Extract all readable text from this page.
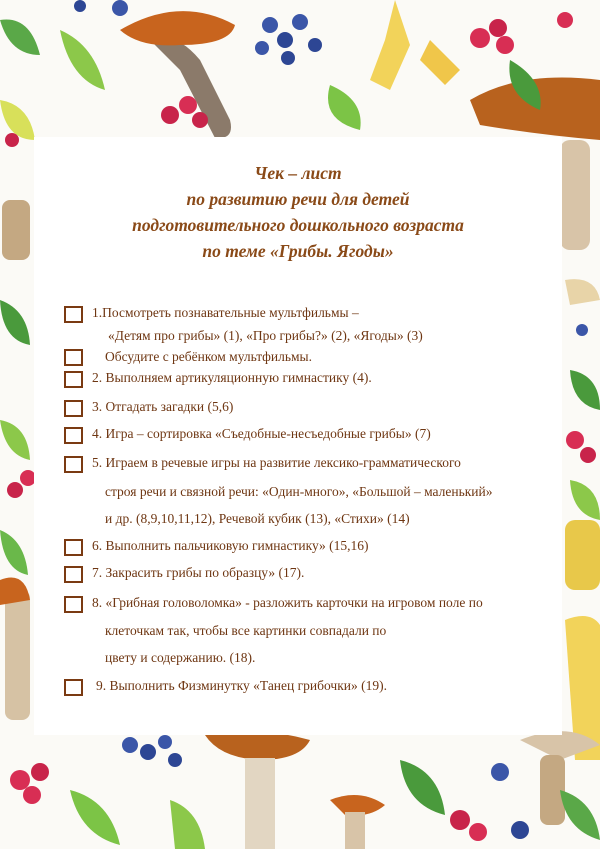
Чек – лист
по развитию речи для детей
подготовительного дошкольного возраста
по теме «Грибы. Ягоды»
1.Посмотреть познавательные мультфильмы –
«Детям про грибы» (1), «Про грибы?» (2), «Ягоды» (3)
Обсудите с ребёнком мультфильмы.
2. Выполняем артикуляционную гимнастику (4).
3. Отгадать загадки (5,6)
4. Игра – сортировка «Съедобные-несъедобные грибы» (7)
5. Играем в речевые игры на развитие лексико-грамматического
строя речи и связной речи: «Один-много», «Большой – маленький»
и др. (8,9,10,11,12), Речевой кубик (13), «Стихи» (14)
6. Выполнить пальчиковую гимнастику» (15,16)
7. Закрасить грибы по образцу» (17).
8. «Грибная головоломка» - разложить карточки на игровом поле по
клеточкам так, чтобы все картинки совпадали по
цвету и содержанию. (18).
9. Выполнить Физминутку «Танец грибочки» (19).
